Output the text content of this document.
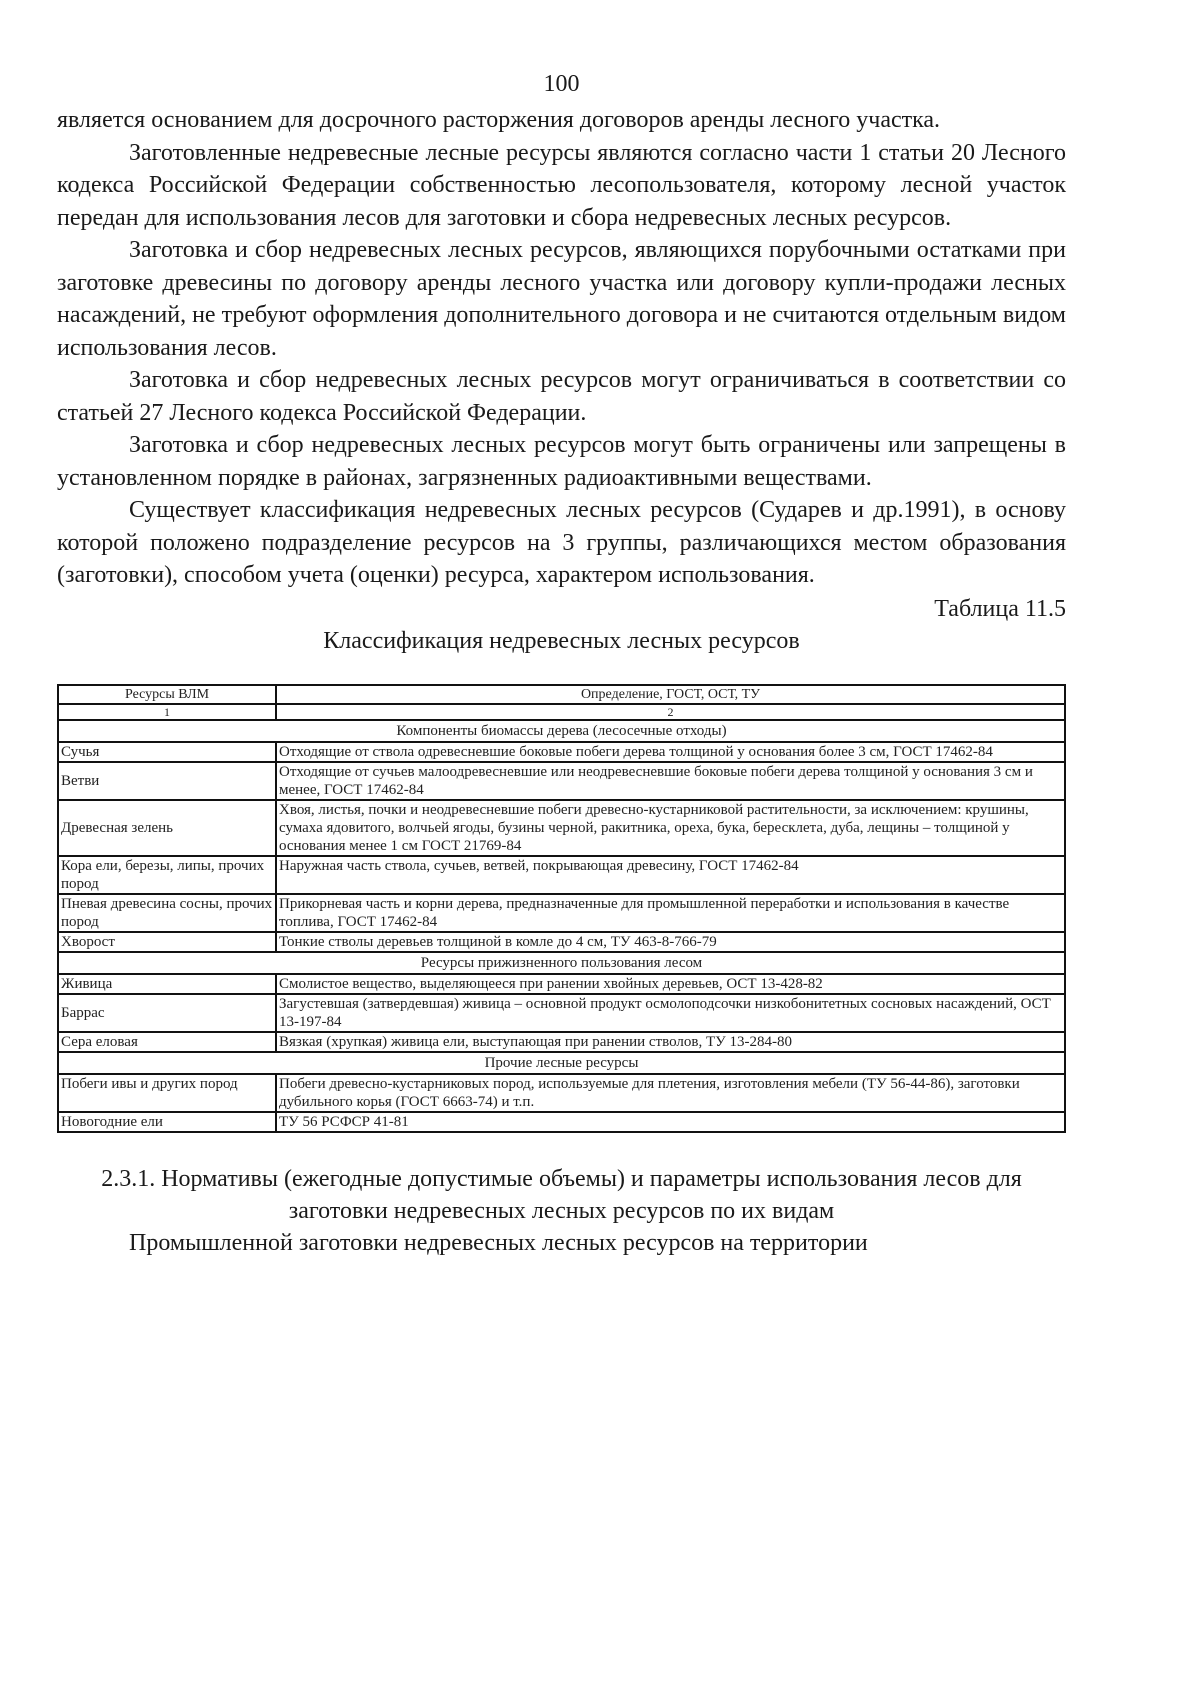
100

является основанием для досрочного расторжения договоров аренды лесного участка.

Заготовленные недревесные лесные ресурсы являются согласно части 1 статьи 20 Лесного кодекса Российской Федерации собственностью лесопользователя, которому лесной участок передан для использования лесов для заготовки и сбора недревесных лесных ресурсов.

Заготовка и сбор недревесных лесных ресурсов, являющихся порубочными остатками при заготовке древесины по договору аренды лесного участка или договору купли-продажи лесных насаждений, не требуют оформления дополнительного договора и не считаются отдельным видом использования лесов.

Заготовка и сбор недревесных лесных ресурсов могут ограничиваться в соответствии со статьей 27 Лесного кодекса Российской Федерации.

Заготовка и сбор недревесных лесных ресурсов могут быть ограничены или запрещены в установленном порядке в районах, загрязненных радиоактивными веществами.

Существует классификация недревесных лесных ресурсов (Сударев и др.1991), в основу которой положено подразделение ресурсов на 3 группы, различающихся местом образования (заготовки), способом учета (оценки) ресурса, характером использования.

Таблица 11.5
Классификация недревесных лесных ресурсов
Ресурсы ВЛМ	Определение, ГОСТ, ОСТ, ТУ
1	2
Компоненты биомассы дерева (лесосечные отходы)	
Сучья	Отходящие от ствола одревесневшие боковые побеги дерева толщиной у основания более 3 см, ГОСТ 17462-84
Ветви	Отходящие от сучьев малоодревесневшие или неодревесневшие боковые побеги дерева толщиной у основания 3 см и менее, ГОСТ 17462-84
Древесная зелень	Хвоя, листья, почки и неодревесневшие побеги древесно-кустарниковой растительности, за исключением: крушины, сумаха ядовитого, волчьей ягоды, бузины черной, ракитника, ореха, бука, бересклета, дуба, лещины – толщиной у основания менее 1 см ГОСТ 21769-84
Кора ели, березы, липы, прочих пород	Наружная часть ствола, сучьев, ветвей, покрывающая древесину, ГОСТ 17462-84
Пневая древесина сосны, прочих пород	Прикорневая часть и корни дерева, предназначенные для промышленной переработки и использования в качестве топлива, ГОСТ 17462-84
Хворост	Тонкие стволы деревьев толщиной в комле до 4 см, ТУ 463-8-766-79
Ресурсы прижизненного пользования лесом	
Живица	Смолистое вещество, выделяющееся при ранении хвойных деревьев, ОСТ 13-428-82
Баррас	Загустевшая (затвердевшая) живица – основной продукт осмолоподсочки низкобонитетных сосновых насаждений, ОСТ 13-197-84
Сера еловая	Вязкая (хрупкая) живица ели, выступающая при ранении стволов, ТУ 13-284-80
Прочие лесные ресурсы	
Побеги ивы и других пород	Побеги древесно-кустарниковых пород, используемые для плетения, изготовления мебели (ТУ 56-44-86), заготовки дубильного корья (ГОСТ 6663-74) и т.п.
Новогодние ели	ТУ 56 РСФСР 41-81
2.3.1. Нормативы (ежегодные допустимые объемы) и параметры использования лесов для заготовки недревесных лесных ресурсов по их видам

Промышленной заготовки недревесных лесных ресурсов на территории
